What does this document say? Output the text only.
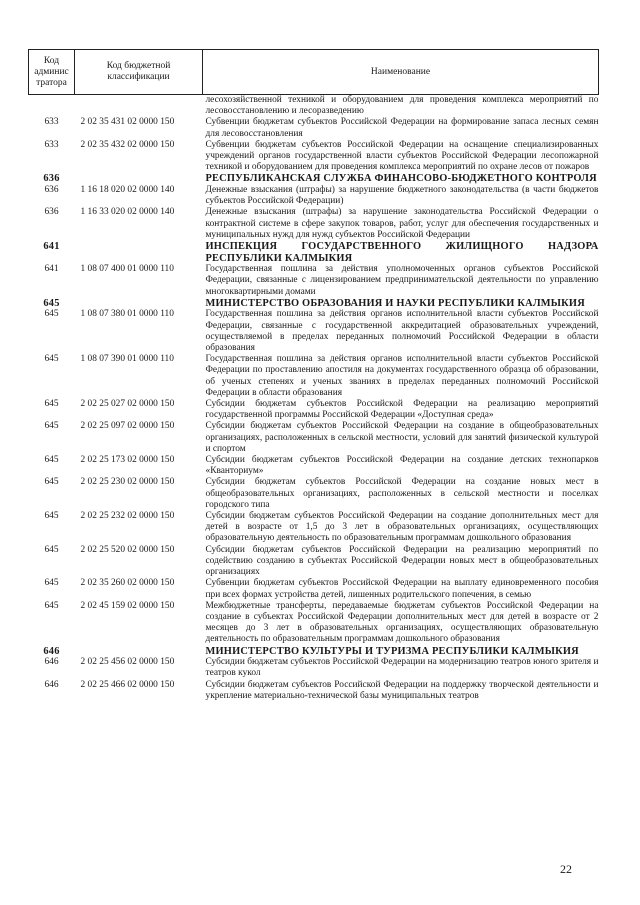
Код админис тратора	Код бюджетной классификации	Наименование
		лесохозяйственной техникой и оборудованием для проведения комплекса мероприятий по лесовосстановлению и лесоразведению
633	2 02 35 431 02 0000 150	Субвенции бюджетам субъектов Российской Федерации на формирование запаса лесных семян для лесовосстановления
633	2 02 35 432 02 0000 150	Субвенции бюджетам субъектов Российской Федерации на оснащение специализированных учреждений органов государственной власти субъектов Российской Федерации лесопожарной техникой и оборудованием для проведения комплекса мероприятий по охране лесов от пожаров
636		РЕСПУБЛИКАНСКАЯ СЛУЖБА ФИНАНСОВО-БЮДЖЕТНОГО КОНТРОЛЯ
636	1 16 18 020 02 0000 140	Денежные взыскания (штрафы) за нарушение бюджетного законодательства (в части бюджетов субъектов Российской Федерации)
636	1 16 33 020 02 0000 140	Денежные взыскания (штрафы) за нарушение законодательства Российской Федерации о контрактной системе в сфере закупок товаров, работ, услуг для обеспечения государственных и муниципальных нужд для нужд субъектов Российской Федерации
641		ИНСПЕКЦИЯ ГОСУДАРСТВЕННОГО ЖИЛИЩНОГО НАДЗОРА РЕСПУБЛИКИ КАЛМЫКИЯ
641	1 08 07 400 01 0000 110	Государственная пошлина за действия уполномоченных органов субъектов Российской Федерации, связанные с лицензированием предпринимательской деятельности по управлению многоквартирными домами
645		МИНИСТЕРСТВО ОБРАЗОВАНИЯ И НАУКИ РЕСПУБЛИКИ КАЛМЫКИЯ
645	1 08 07 380 01 0000 110	Государственная пошлина за действия органов исполнительной власти субъектов Российской Федерации, связанные с государственной аккредитацией образовательных учреждений, осуществляемой в пределах переданных полномочий Российской Федерации в области образования
645	1 08 07 390 01 0000 110	Государственная пошлина за действия органов исполнительной власти субъектов Российской Федерации по проставлению апостиля на документах государственного образца об образовании, об ученых степенях и ученых званиях в пределах переданных полномочий Российской Федерации в области образования
645	2 02 25 027 02 0000 150	Субсидии бюджетам субъектов Российской Федерации на реализацию мероприятий государственной программы Российской Федерации «Доступная среда»
645	2 02 25 097 02 0000 150	Субсидии бюджетам субъектов Российской Федерации на создание в общеобразовательных организациях, расположенных в сельской местности, условий для занятий физической культурой и спортом
645	2 02 25 173 02 0000 150	Субсидии бюджетам субъектов Российской Федерации на создание детских технопарков «Кванториум»
645	2 02 25 230 02 0000 150	Субсидии бюджетам субъектов Российской Федерации на создание новых мест в общеобразовательных организациях, расположенных в сельской местности и поселках городского типа
645	2 02 25 232 02 0000 150	Субсидии бюджетам субъектов Российской Федерации на создание дополнительных мест для детей в возрасте от 1,5 до 3 лет в образовательных организациях, осуществляющих образовательную деятельность по образовательным программам дошкольного образования
645	2 02 25 520 02 0000 150	Субсидии бюджетам субъектов Российской Федерации на реализацию мероприятий по содействию созданию в субъектах Российской Федерации новых мест в общеобразовательных организациях
645	2 02 35 260 02 0000 150	Субвенции бюджетам субъектов Российской Федерации на выплату единовременного пособия при всех формах устройства детей, лишенных родительского попечения, в семью
645	2 02 45 159 02 0000 150	Межбюджетные трансферты, передаваемые бюджетам субъектов Российской Федерации на создание в субъектах Российской Федерации дополнительных мест для детей в возрасте от 2 месяцев до 3 лет в образовательных организациях, осуществляющих образовательную деятельность по образовательным программам дошкольного образования
646		МИНИСТЕРСТВО КУЛЬТУРЫ И ТУРИЗМА РЕСПУБЛИКИ КАЛМЫКИЯ
646	2 02 25 456 02 0000 150	Субсидии бюджетам субъектов Российской Федерации на модернизацию театров юного зрителя и театров кукол
646	2 02 25 466 02 0000 150	Субсидии бюджетам субъектов Российской Федерации на поддержку творческой деятельности и укрепление материально-технической базы муниципальных театров
22
